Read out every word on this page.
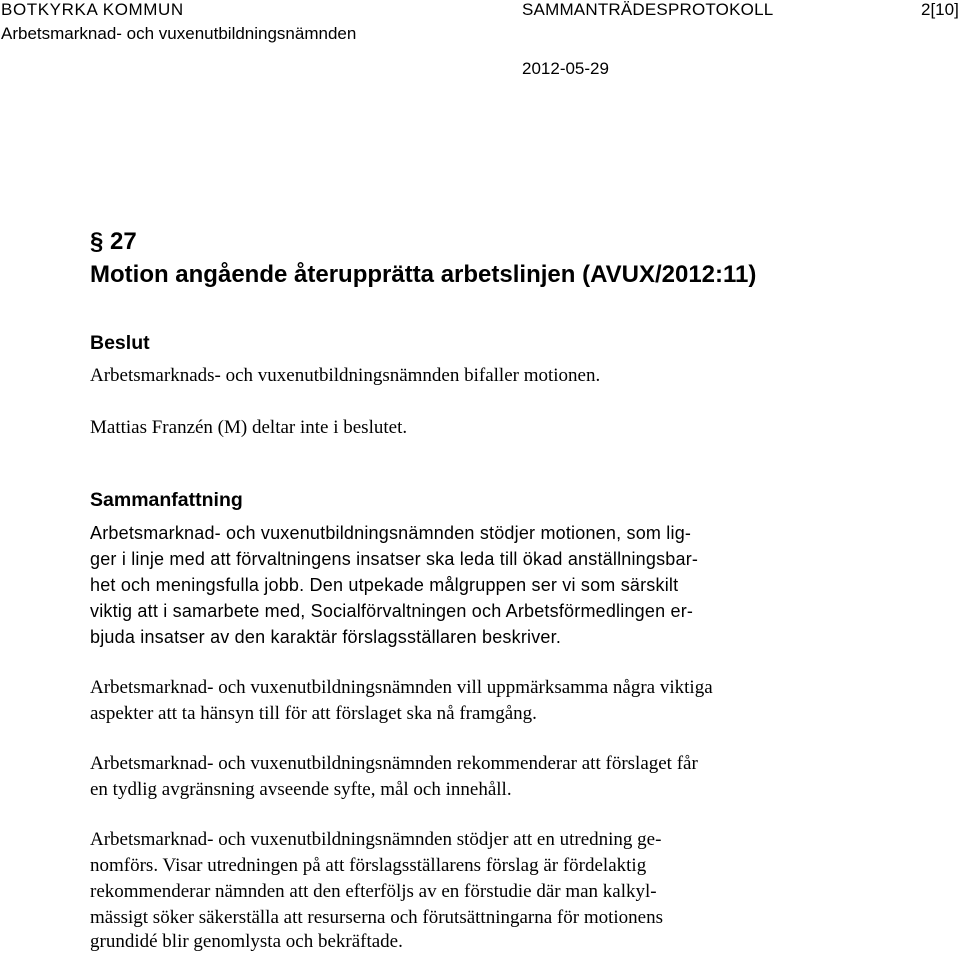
BOTKYRKA KOMMUN
Arbetsmarknad- och vuxenutbildningsnämnden
SAMMANTRÄDESPROTOKOLL	2[10]
2012-05-29
§ 27
Motion angående återupprätta arbetslinjen (AVUX/2012:11)
Beslut
Arbetsmarknads- och vuxenutbildningsnämnden bifaller motionen.
Mattias Franzén (M) deltar inte i beslutet.
Sammanfattning
Arbetsmarknad- och vuxenutbildningsnämnden stödjer motionen, som lig-
ger i linje med att förvaltningens insatser ska leda till ökad anställningsbar-
het och meningsfulla jobb. Den utpekade målgruppen ser vi som särskilt
viktig att i samarbete med, Socialförvaltningen och Arbetsförmedlingen er-
bjuda insatser av den karaktär förslagsställaren beskriver.
Arbetsmarknad- och vuxenutbildningsnämnden vill uppmärksamma några viktiga
aspekter att ta hänsyn till för att förslaget ska nå framgång.
Arbetsmarknad- och vuxenutbildningsnämnden rekommenderar att förslaget får
en tydlig avgränsning avseende syfte, mål och innehåll.
Arbetsmarknad- och vuxenutbildningsnämnden stödjer att en utredning ge-
nomförs. Visar utredningen på att förslagsställarens förslag är fördelaktig
rekommenderar nämnden att den efterföljs av en förstudie där man kalkyl-
mässigt söker säkerställa att resurserna och förutsättningarna för motionens
grundidé blir genomlysta och bekräftade.
